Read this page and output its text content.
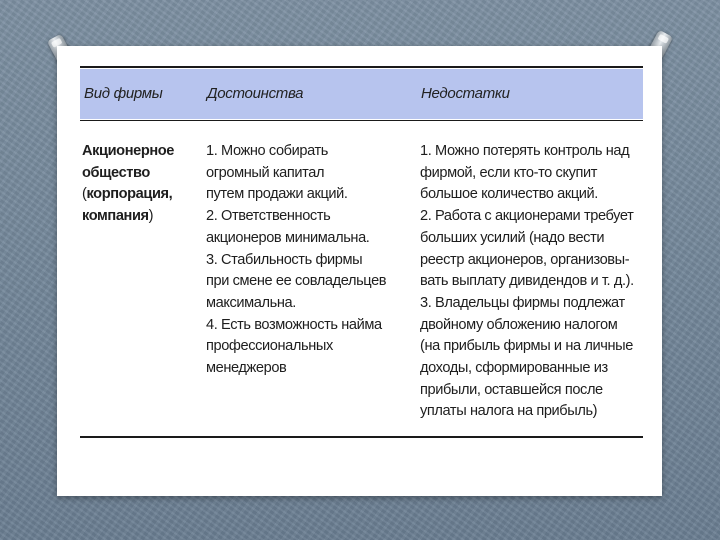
Вид фирмы	Достоинства	Недостатки
Акционерное
общество
(корпорация,
компания)
1. Можно собирать
огромный капитал
путем продажи акций.
2. Ответственность
акционеров минимальна.
3. Стабильность фирмы
при смене ее совладельцев
максимальна.
4. Есть возможность найма
профессиональных
менеджеров
1. Можно потерять контроль над
фирмой, если кто-то скупит
большое количество акций.
2. Работа с акционерами требует
больших усилий (надо вести
реестр акционеров, организовы-
вать выплату дивидендов и т. д.).
3. Владельцы фирмы подлежат
двойному обложению налогом
(на прибыль фирмы и на личные
доходы, сформированные из
прибыли, оставшейся после
уплаты налога на прибыль)
